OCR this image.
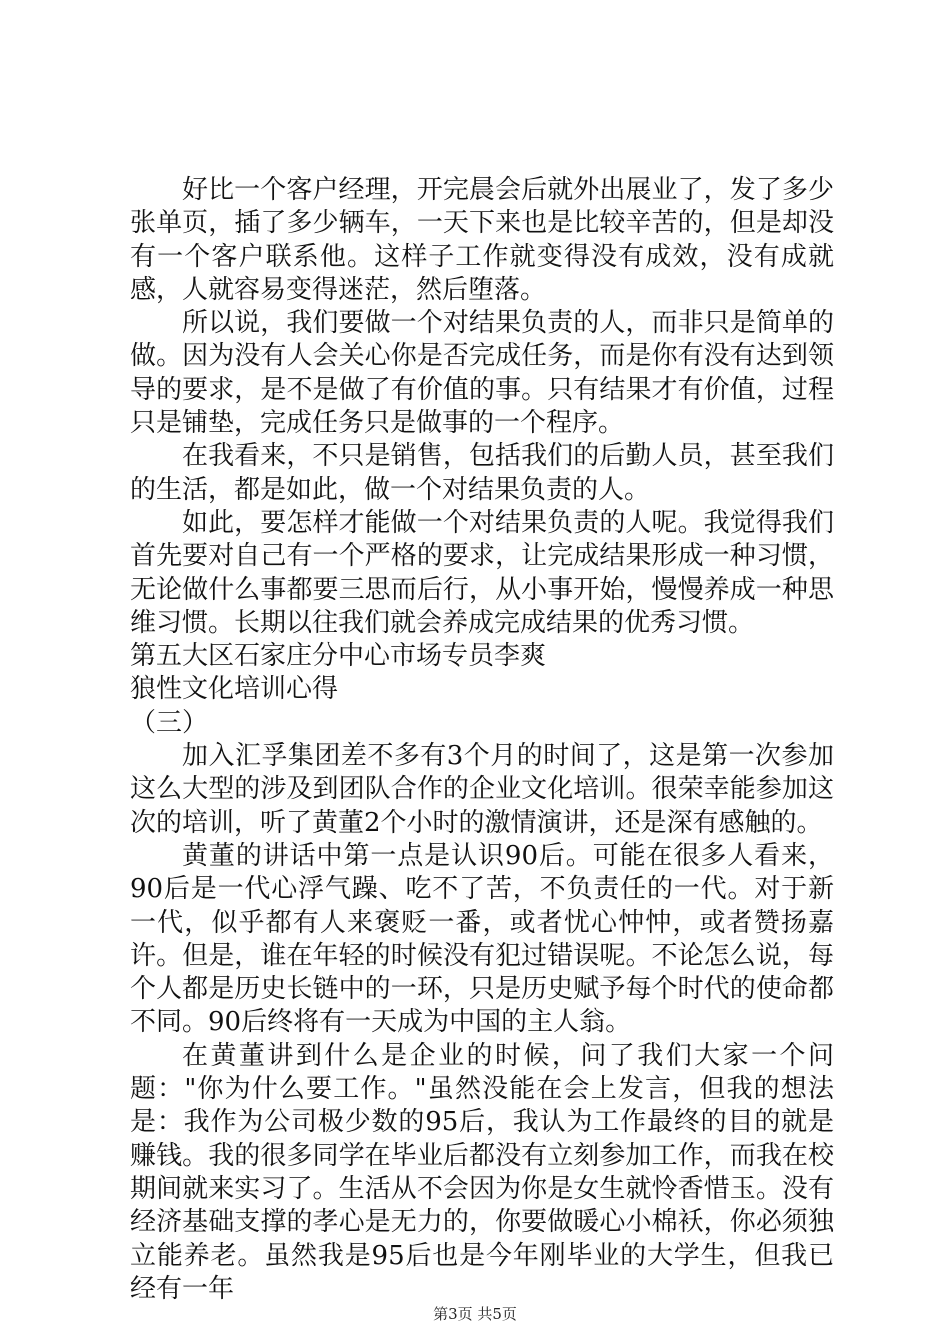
好比一个客户经理，开完晨会后就外出展业了，发了多少张单页，插了多少辆车，一天下来也是比较辛苦的，但是却没有一个客户联系他。这样子工作就变得没有成效，没有成就感，人就容易变得迷茫，然后堕落。

所以说，我们要做一个对结果负责的人，而非只是简单的做。因为没有人会关心你是否完成任务，而是你有没有达到领导的要求，是不是做了有价值的事。只有结果才有价值，过程只是铺垫，完成任务只是做事的一个程序。

在我看来，不只是销售，包括我们的后勤人员，甚至我们的生活，都是如此，做一个对结果负责的人。

如此，要怎样才能做一个对结果负责的人呢。我觉得我们首先要对自己有一个严格的要求，让完成结果形成一种习惯，无论做什么事都要三思而后行，从小事开始，慢慢养成一种思维习惯。长期以往我们就会养成完成结果的优秀习惯。

第五大区石家庄分中心市场专员李爽

狼性文化培训心得

（三）

加入汇孚集团差不多有3个月的时间了，这是第一次参加这么大型的涉及到团队合作的企业文化培训。很荣幸能参加这次的培训，听了黄董2个小时的激情演讲，还是深有感触的。

黄董的讲话中第一点是认识90后。可能在很多人看来，90后是一代心浮气躁、吃不了苦，不负责任的一代。对于新一代，似乎都有人来褒贬一番，或者忧心忡忡，或者赞扬嘉许。但是，谁在年轻的时候没有犯过错误呢。不论怎么说，每个人都是历史长链中的一环，只是历史赋予每个时代的使命都不同。90后终将有一天成为中国的主人翁。

在黄董讲到什么是企业的时候，问了我们大家一个问题："你为什么要工作。"虽然没能在会上发言，但我的想法是：我作为公司极少数的95后，我认为工作最终的目的就是赚钱。我的很多同学在毕业后都没有立刻参加工作，而我在校期间就来实习了。生活从不会因为你是女生就怜香惜玉。没有经济基础支撑的孝心是无力的，你要做暖心小棉袄，你必须独立能养老。虽然我是95后也是今年刚毕业的大学生，但我已经有一年

第3页 共5页
